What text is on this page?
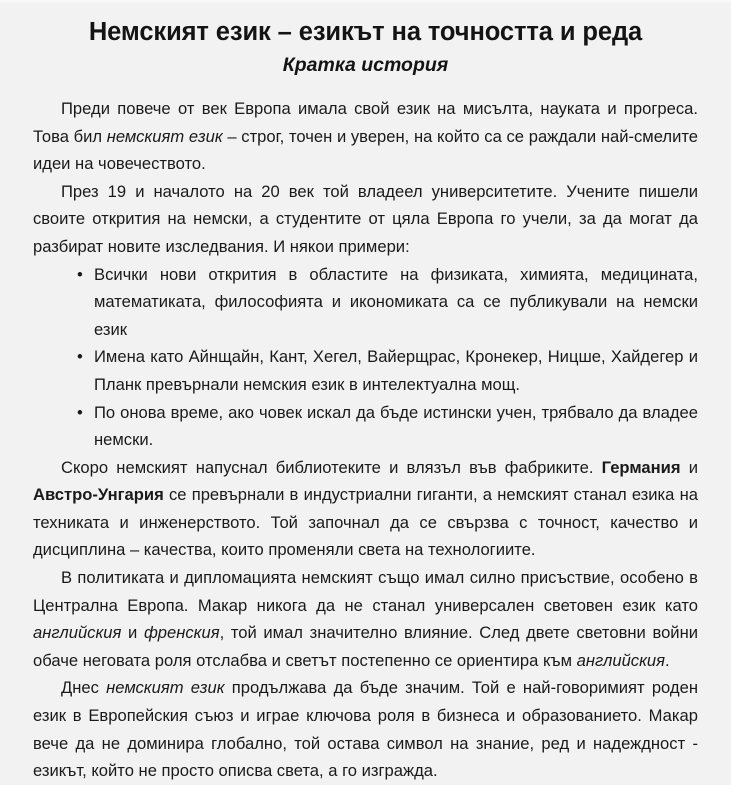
Немският език – езикът на точността и реда
Кратка история

Преди повече от век Европа имала свой език на мисълта, науката и прогреса. Това бил немският език – строг, точен и уверен, на който са се раждали най-смелите идеи на човечеството.

През 19 и началото на 20 век той владеел университетите. Учените пишели своите открития на немски, а студентите от цяла Европа го учели, за да могат да разбират новите изследвания. И някои примери:

• Всички нови открития в областите на физиката, химията, медицината, математиката, философията и икономиката са се публикували на немски език
• Имена като Айнщайн, Кант, Хегел, Вайерщрас, Кронекер, Ницше, Хайдегер и Планк превърнали немския език в интелектуална мощ.
• По онова време, ако човек искал да бъде истински учен, трябвало да владее немски.

Скоро немският напуснал библиотеките и влязъл във фабриките. Германия и Австро-Унгария се превърнали в индустриални гиганти, а немският станал езика на техниката и инженерството. Той започнал да се свързва с точност, качество и дисциплина – качества, които променяли света на технологиите.

В политиката и дипломацията немският също имал силно присъствие, особено в Централна Европа. Макар никога да не станал универсален световен език като английския и френския, той имал значително влияние. След двете световни войни обаче неговата роля отслабва и светът постепенно се ориентира към английския.

Днес немският език продължава да бъде значим. Той е най-говоримият роден език в Европейския съюз и играе ключова роля в бизнеса и образованието. Макар вече да не доминира глобално, той остава символ на знание, ред и надеждност - езикът, който не просто описва света, а го изгражда.
